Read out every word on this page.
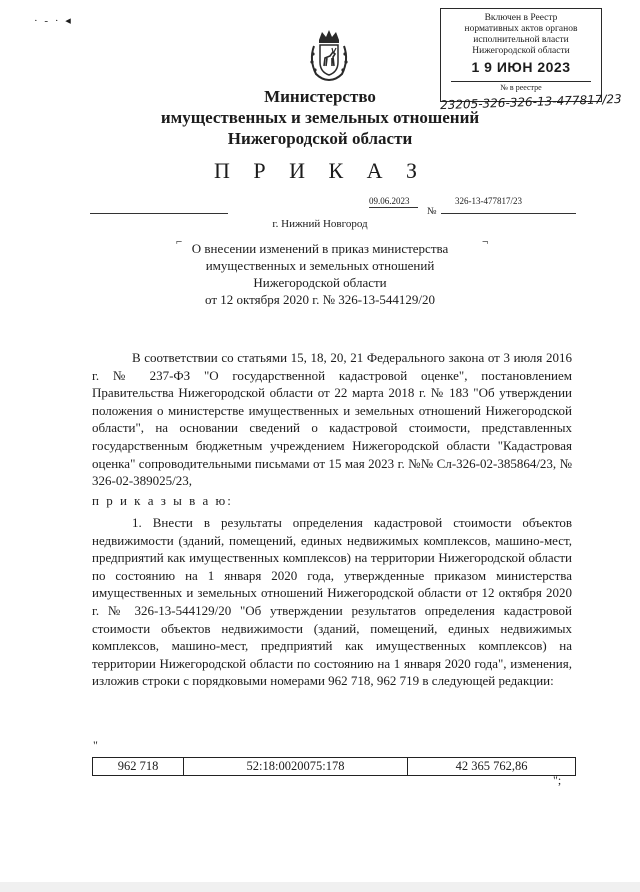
· - · ◂	Включен в Реестр
нормативных актов органов
исполнительной власти
Нижегородской области
1 9 ИЮН 2023
№ в реестре
23205-326-326-13-477817/23
Министерство
имущественных и земельных отношений
Нижегородской области
П Р И К А З
09.06.2023
№
326-13-477817/23
г. Нижний Новгород
⌐	¬
О внесении изменений в приказ министерства
имущественных и земельных отношений
Нижегородской области
от 12 октября 2020 г. № 326-13-544129/20
В соответствии со статьями 15, 18, 20, 21 Федерального закона от 3 июля 2016 г. № 237-ФЗ "О государственной кадастровой оценке", постановлением Правительства Нижегородской области от 22 марта 2018 г. № 183 "Об утверждении положения о министерстве имущественных и земельных отношений Нижегородской области", на основании сведений о кадастровой стоимости, представленных государственным бюджетным учреждением Нижегородской области "Кадастровая оценка" сопроводительными письмами от 15 мая 2023 г. №№ Сл-326-02-385864/23, № 326-02-389025/23,
п р и к а з ы в а ю:
1. Внести в результаты определения кадастровой стоимости объектов недвижимости (зданий, помещений, единых недвижимых комплексов, машино-мест, предприятий как имущественных комплексов) на территории Нижегородской области по состоянию на 1 января 2020 года, утвержденные приказом министерства имущественных и земельных отношений Нижегородской области от 12 октября 2020 г. № 326-13-544129/20 "Об утверждении результатов определения кадастровой стоимости объектов недвижимости (зданий, помещений, единых недвижимых комплексов, машино-мест, предприятий как имущественных комплексов) на территории Нижегородской области по состоянию на 1 января 2020 года", изменения, изложив строки с порядковыми номерами 962 718, 962 719 в следующей редакции:
"
962 718	52:18:0020075:178	42 365 762,86
";
